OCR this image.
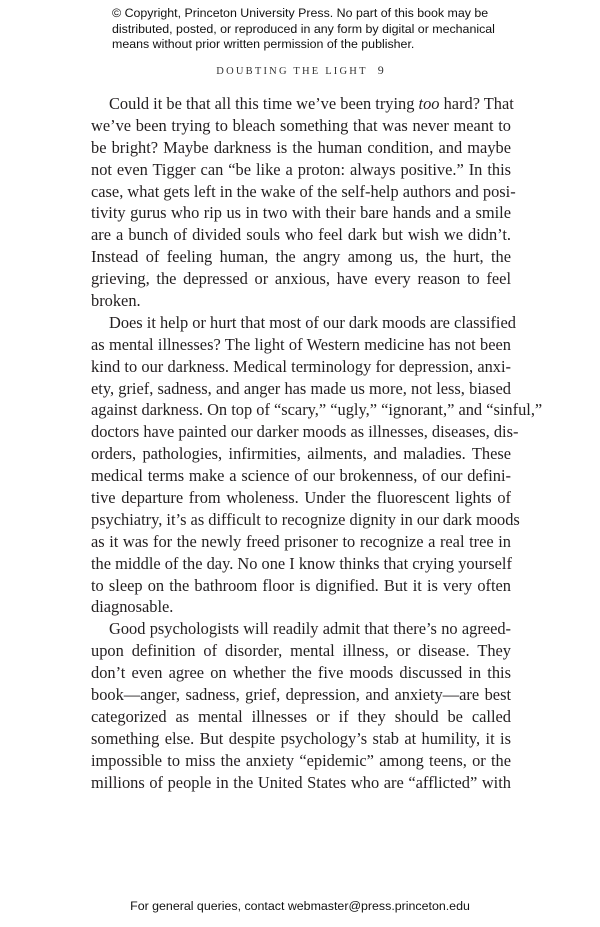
© Copyright, Princeton University Press. No part of this book may be
distributed, posted, or reproduced in any form by digital or mechanical
means without prior written permission of the publisher.
DOUBTING THE LIGHT 9
Could it be that all this time we’ve been trying too hard? That
we’ve been trying to bleach something that was never meant to
be bright? Maybe darkness is the human condition, and maybe
not even Tigger can “be like a proton: always positive.” In this
case, what gets left in the wake of the self-help authors and posi-
tivity gurus who rip us in two with their bare hands and a smile
are a bunch of divided souls who feel dark but wish we didn’t.
Instead of feeling human, the angry among us, the hurt, the
grieving, the depressed or anxious, have every reason to feel
broken.
Does it help or hurt that most of our dark moods are classified
as mental illnesses? The light of Western medicine has not been
kind to our darkness. Medical terminology for depression, anxi-
ety, grief, sadness, and anger has made us more, not less, biased
against darkness. On top of “scary,” “ugly,” “ignorant,” and “sinful,”
doctors have painted our darker moods as illnesses, diseases, dis-
orders, pathologies, infirmities, ailments, and maladies. These
medical terms make a science of our brokenness, of our defini-
tive departure from wholeness. Under the fluorescent lights of
psychiatry, it’s as difficult to recognize dignity in our dark moods
as it was for the newly freed prisoner to recognize a real tree in
the middle of the day. No one I know thinks that crying yourself
to sleep on the bathroom floor is dignified. But it is very often
diagnosable.
Good psychologists will readily admit that there’s no agreed-
upon definition of disorder, mental illness, or disease. They
don’t even agree on whether the five moods discussed in this
book—anger, sadness, grief, depression, and anxiety—are best
categorized as mental illnesses or if they should be called
something else. But despite psychology’s stab at humility, it is
impossible to miss the anxiety “epidemic” among teens, or the
millions of people in the United States who are “afflicted” with
For general queries, contact webmaster@press.princeton.edu
